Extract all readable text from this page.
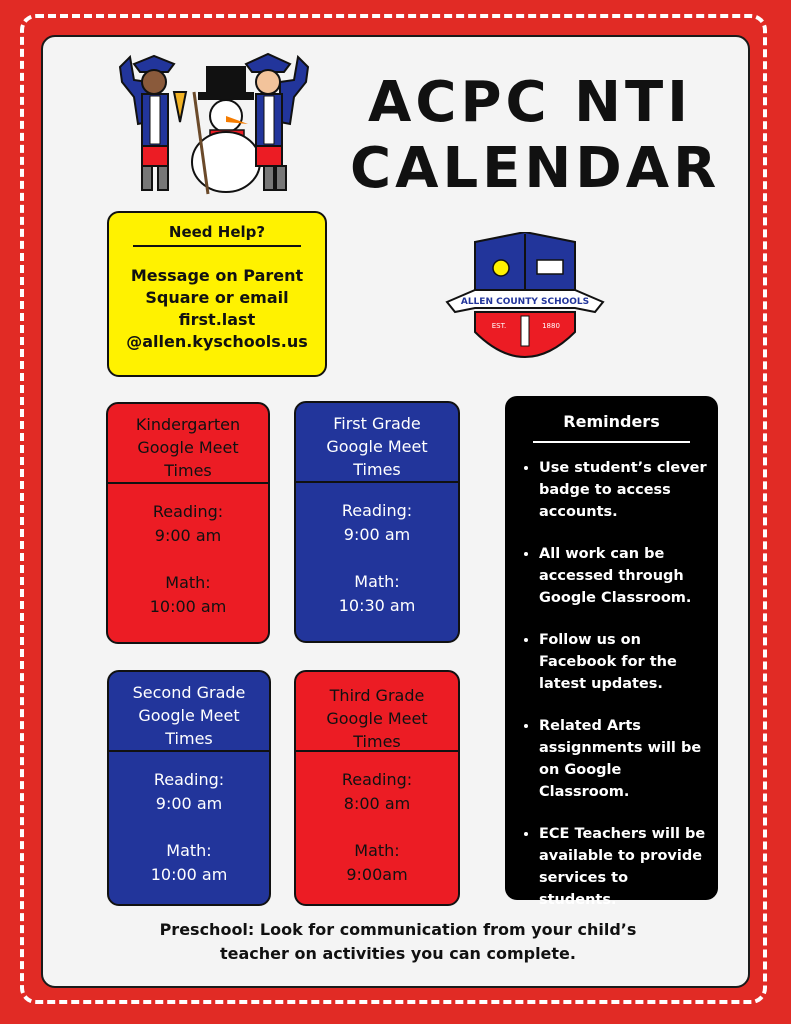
ACPC NTI
CALENDAR
Need Help?
Message on Parent
Square or email
first.last
@allen.kyschools.us
ALLEN COUNTY SCHOOLS
EST.	1880
Kindergarten
Google Meet
Times
Reading:
9:00 am
Math:
10:00 am
First Grade
Google Meet
Times
Reading:
9:00 am
Math:
10:30 am
Second Grade
Google Meet
Times
Reading:
9:00 am
Math:
10:00 am
Third Grade
Google Meet
Times
Reading:
8:00 am
Math:
9:00am
Reminders
• Use student’s clever badge to access accounts.
• All work can be accessed through Google Classroom.
• Follow us on Facebook for the latest updates.
• Related Arts assignments will be on Google Classroom.
• ECE Teachers will be available to provide services to students.
Preschool: Look for communication from your child’s
teacher on activities you can complete.
